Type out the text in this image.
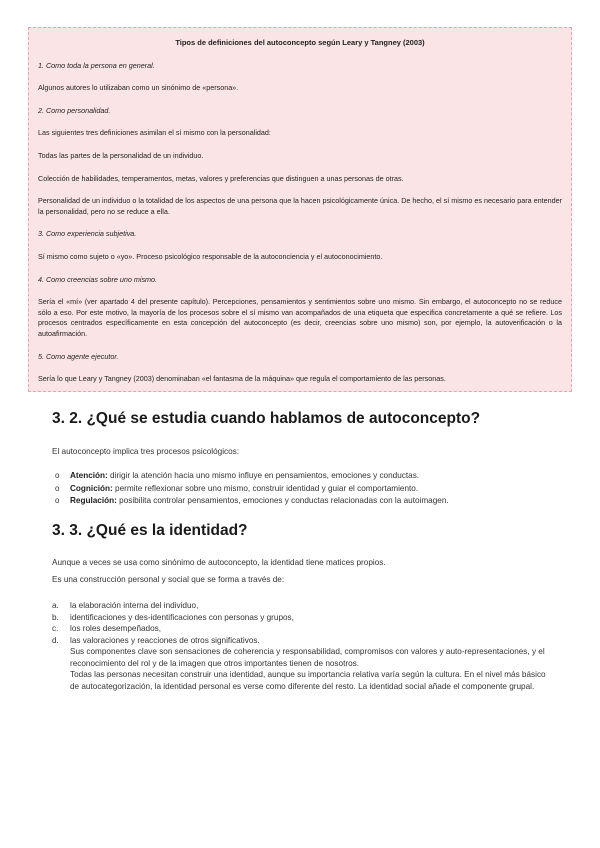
Tipos de definiciones del autoconcepto según Leary y Tangney (2003)

1. Como toda la persona en general.

Algunos autores lo utilizaban como un sinónimo de «persona».

2. Como personalidad.

Las siguientes tres definiciones asimilan el sí mismo con la personalidad:

Todas las partes de la personalidad de un individuo.

Colección de habilidades, temperamentos, metas, valores y preferencias que distinguen a unas personas de otras.

Personalidad de un individuo o la totalidad de los aspectos de una persona que la hacen psicológicamente única. De hecho, el sí mismo es necesario para entender la personalidad, pero no se reduce a ella.

3. Como experiencia subjetiva.

Sí mismo como sujeto o «yo». Proceso psicológico responsable de la autoconciencia y el autoconocimiento.

4. Como creencias sobre uno mismo.

Sería el «mí» (ver apartado 4 del presente capítulo). Percepciones, pensamientos y sentimientos sobre uno mismo. Sin embargo, el autoconcepto no se reduce sólo a eso. Por este motivo, la mayoría de los procesos sobre el sí mismo van acompañados de una etiqueta que especifica concretamente a qué se refiere. Los procesos centrados específicamente en esta concepción del autoconcepto (es decir, creencias sobre uno mismo) son, por ejemplo, la autoverificación o la autoafirmación.

5. Como agente ejecutor.

Sería lo que Leary y Tangney (2003) denominaban «el fantasma de la máquina» que regula el comportamiento de las personas.

3. 2. ¿Qué se estudia cuando hablamos de autoconcepto?

El autoconcepto implica tres procesos psicológicos:

o Atención: dirigir la atención hacia uno mismo influye en pensamientos, emociones y conductas.
o Cognición: permite reflexionar sobre uno mismo, construir identidad y guiar el comportamiento.
o Regulación: posibilita controlar pensamientos, emociones y conductas relacionadas con la autoimagen.
3. 3. ¿Qué es la identidad?

Aunque a veces se usa como sinónimo de autoconcepto, la identidad tiene matices propios.

Es una construcción personal y social que se forma a través de:

a. la elaboración interna del individuo,
b. identificaciones y des-identificaciones con personas y grupos,
c. los roles desempeñados,
d. las valoraciones y reacciones de otros significativos.
Sus componentes clave son sensaciones de coherencia y responsabilidad, compromisos con valores y auto-representaciones, y el reconocimiento del rol y de la imagen que otros importantes tienen de nosotros.
Todas las personas necesitan construir una identidad, aunque su importancia relativa varía según la cultura. En el nivel más básico de autocategorización, la identidad personal es verse como diferente del resto. La identidad social añade el componente grupal.
